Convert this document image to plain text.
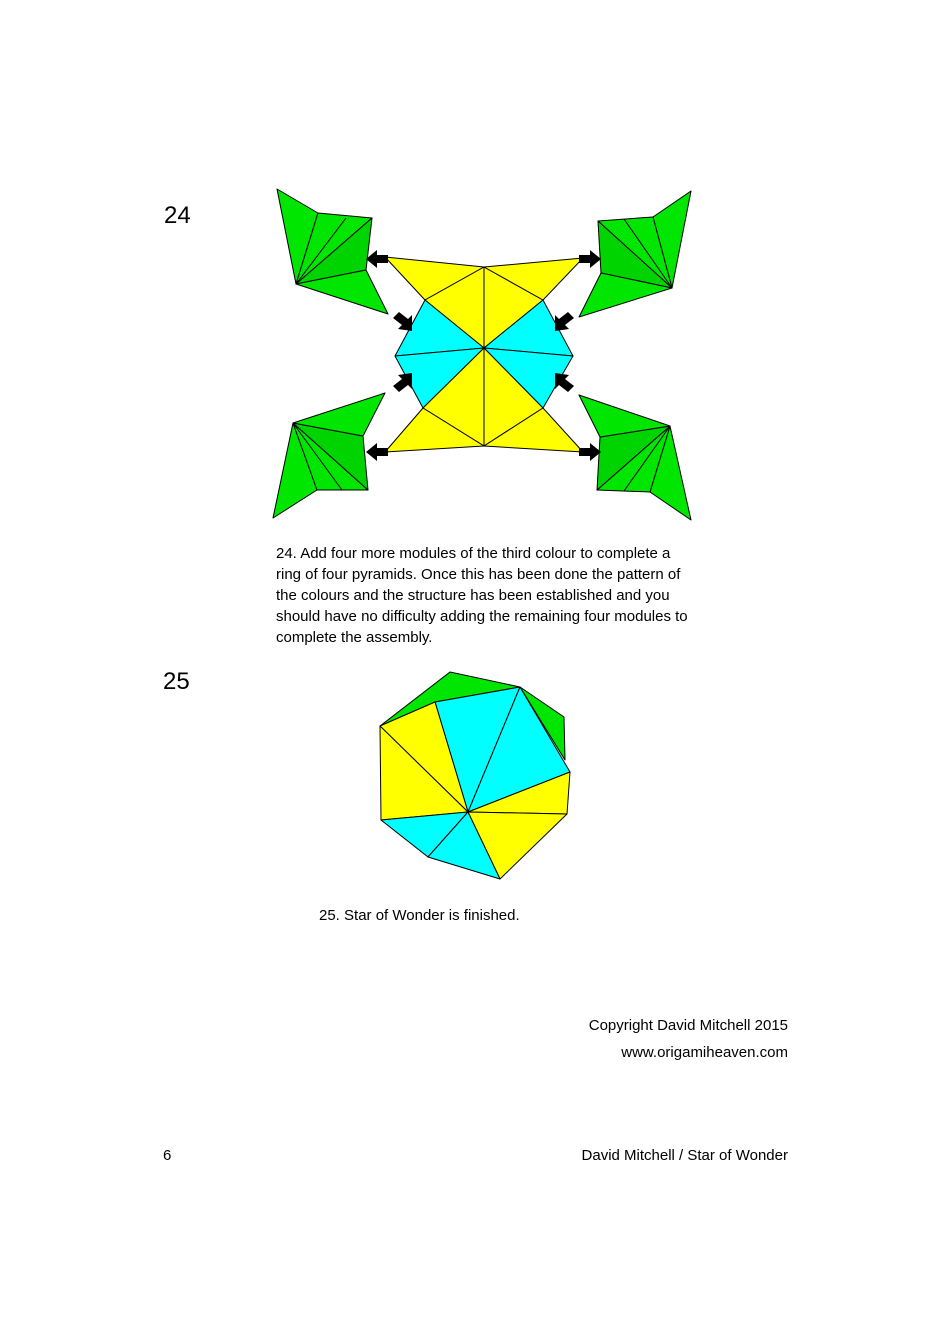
24
24. Add four more modules of the third colour to complete a ring of four pyramids. Once this has been done the pattern of the colours and the structure has been established and you should have no difficulty adding the remaining four modules to complete the assembly.
25
25. Star of Wonder is finished.
Copyright David Mitchell 2015
www.origamiheaven.com
6	David Mitchell / Star of Wonder
